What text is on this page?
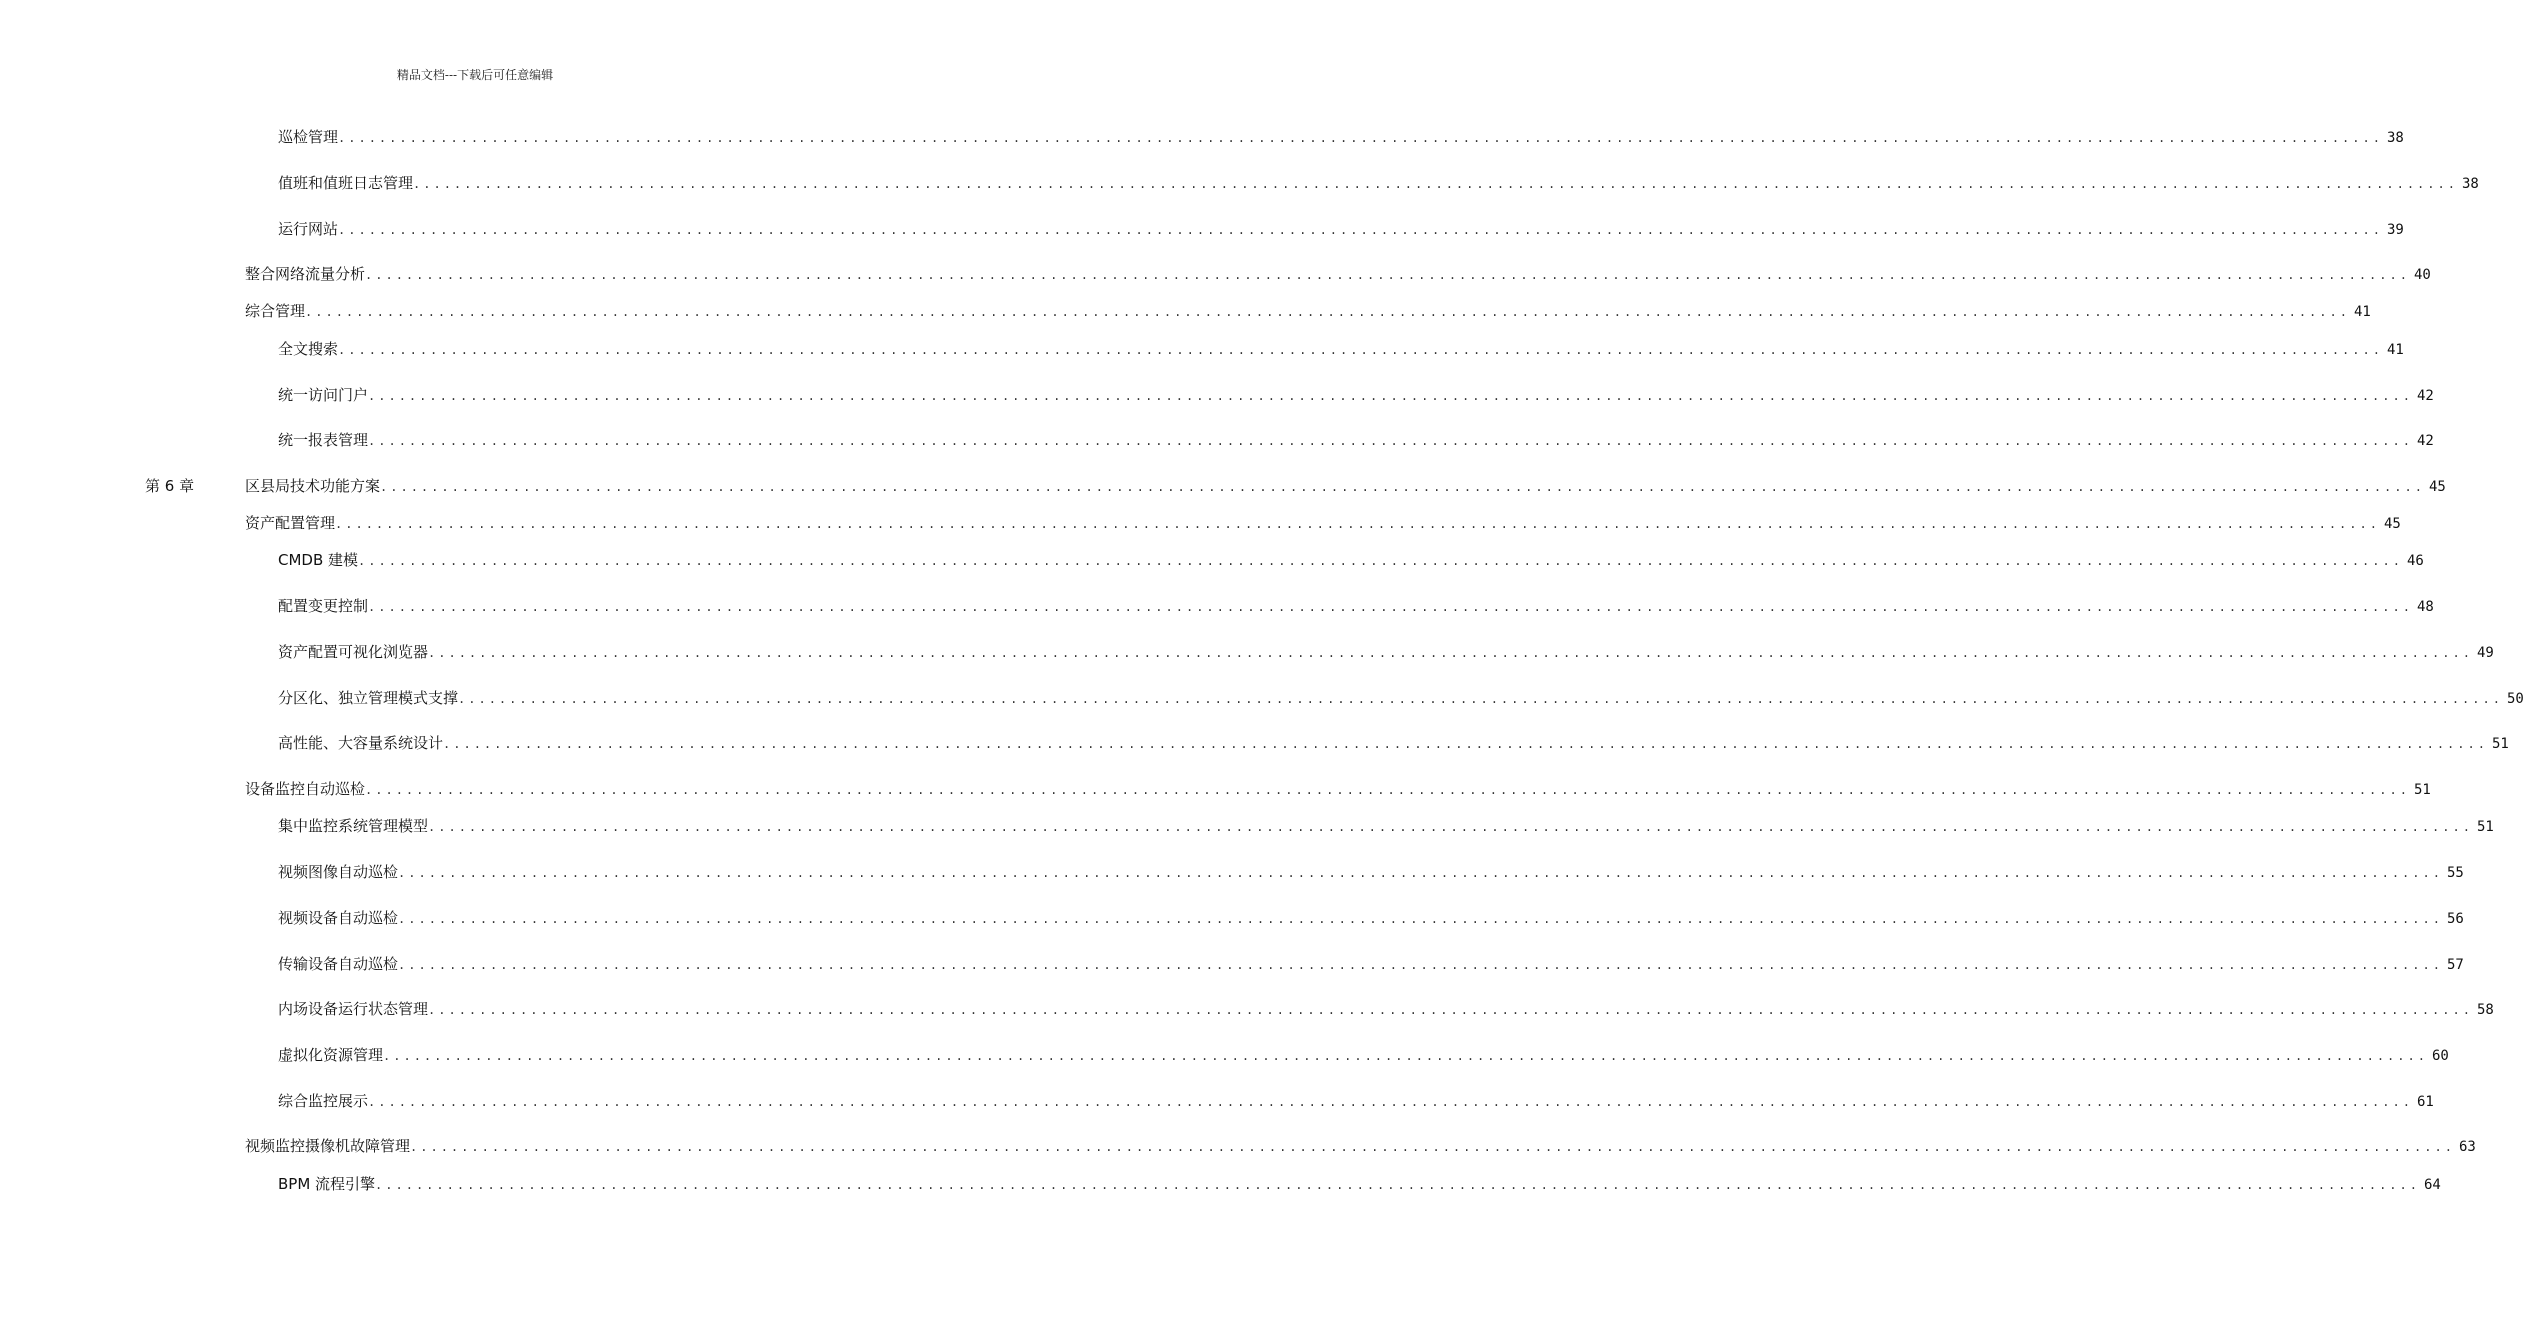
精品文档---下载后可任意编辑
巡检管理 ........................................................................................................................................................................................................ 38
值班和值班日志管理 ........................................................................................................................................................................................................ 38
运行网站 ........................................................................................................................................................................................................ 39
整合网络流量分析 ........................................................................................................................................................................................................ 40
综合管理 ........................................................................................................................................................................................................ 41
全文搜索 ........................................................................................................................................................................................................ 41
统一访问门户 ........................................................................................................................................................................................................ 42
统一报表管理 ........................................................................................................................................................................................................ 42
第 6 章	区县局技术功能方案 ........................................................................................................................................................................................................ 45
资产配置管理 ........................................................................................................................................................................................................ 45
CMDB 建模 ........................................................................................................................................................................................................ 46
配置变更控制 ........................................................................................................................................................................................................ 48
资产配置可视化浏览器 ........................................................................................................................................................................................................ 49
分区化、独立管理模式支撑 ........................................................................................................................................................................................................ 50
高性能、大容量系统设计 ........................................................................................................................................................................................................ 51
设备监控自动巡检 ........................................................................................................................................................................................................ 51
集中监控系统管理模型 ........................................................................................................................................................................................................ 51
视频图像自动巡检 ........................................................................................................................................................................................................ 55
视频设备自动巡检 ........................................................................................................................................................................................................ 56
传输设备自动巡检 ........................................................................................................................................................................................................ 57
内场设备运行状态管理 ........................................................................................................................................................................................................ 58
虚拟化资源管理 ........................................................................................................................................................................................................ 60
综合监控展示 ........................................................................................................................................................................................................ 61
视频监控摄像机故障管理 ........................................................................................................................................................................................................ 63
BPM 流程引擎 ........................................................................................................................................................................................................ 64
